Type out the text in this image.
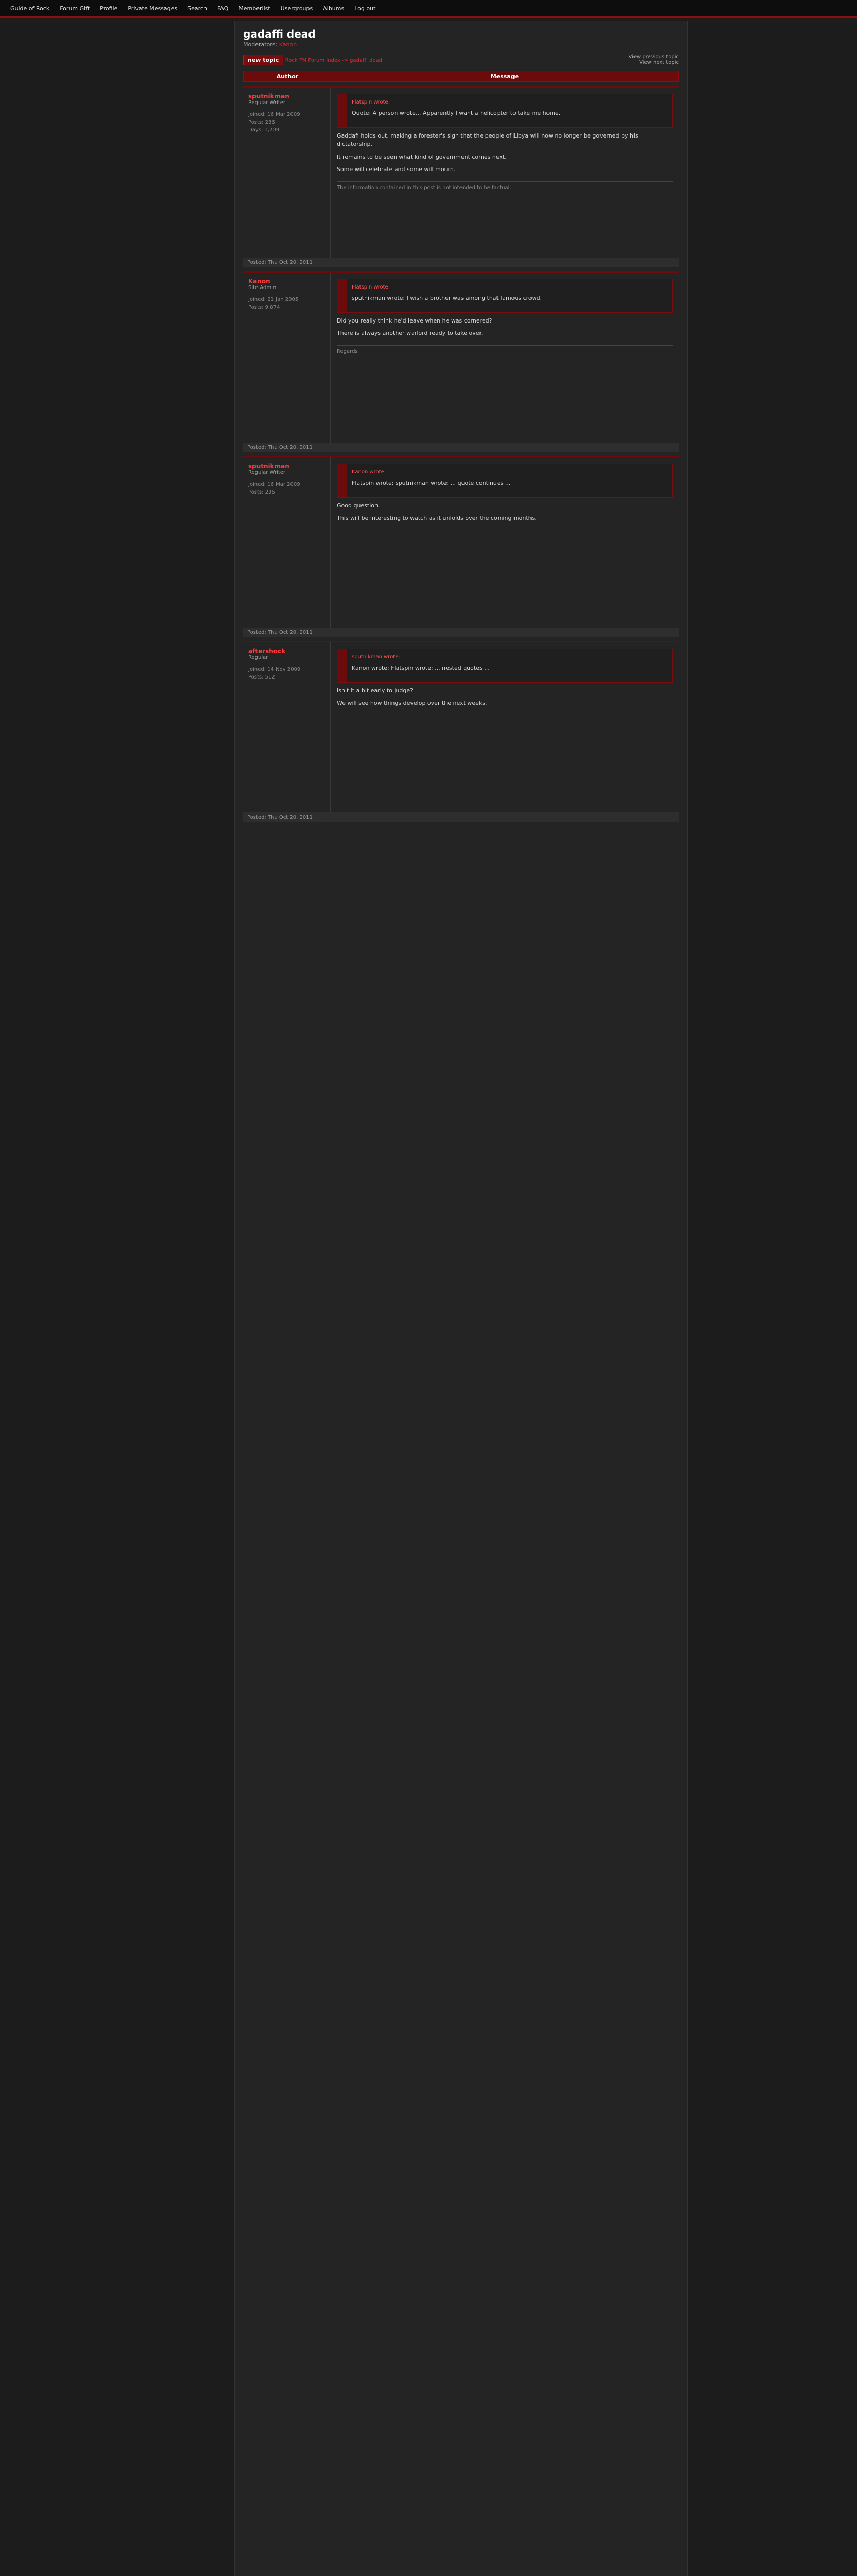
Guide of Rock Forum Gift Profile Private Messages Search FAQ Memberlist Usergroups Albums Log out
gadaffi dead
Moderators: Kanon
new topic Rock FM Forum Index -> gadaffi dead
View previous topic
View next topic
Author	Message
sputnikman
Regular Writer
Joined: 16 Mar 2009
Posts: 236
Days: 1,209
Flatspin wrote:
Quote: A person wrote... Apparently I want a helicopter to take me home.
Gaddafi holds out, making a forester's sign that the people of Libya will now no longer be governed by his dictatorship.
It remains to be seen what kind of government comes next.
Some will celebrate and some will mourn.
The information contained in this post is not intended to be factual.
Posted: Thu Oct 20, 2011
Kanon
Site Admin
Joined: 21 Jan 2005
Posts: 9,874
Flatspin wrote:
sputnikman wrote: I wish a brother was among that famous crowd.
Did you really think he'd leave when he was cornered?
There is always another warlord ready to take over.
Regards
Posted: Thu Oct 20, 2011
sputnikman
Regular Writer
Joined: 16 Mar 2009
Posts: 236
Kanon wrote:
Flatspin wrote: sputnikman wrote: ... quote continues ...
Good question.
This will be interesting to watch as it unfolds over the coming months.
Posted: Thu Oct 20, 2011
aftershock
Regular
Joined: 14 Nov 2009
Posts: 512
sputnikman wrote:
Kanon wrote: Flatspin wrote: ... nested quotes ...
Isn't it a bit early to judge?
We will see how things develop over the next weeks.
Posted: Thu Oct 20, 2011
